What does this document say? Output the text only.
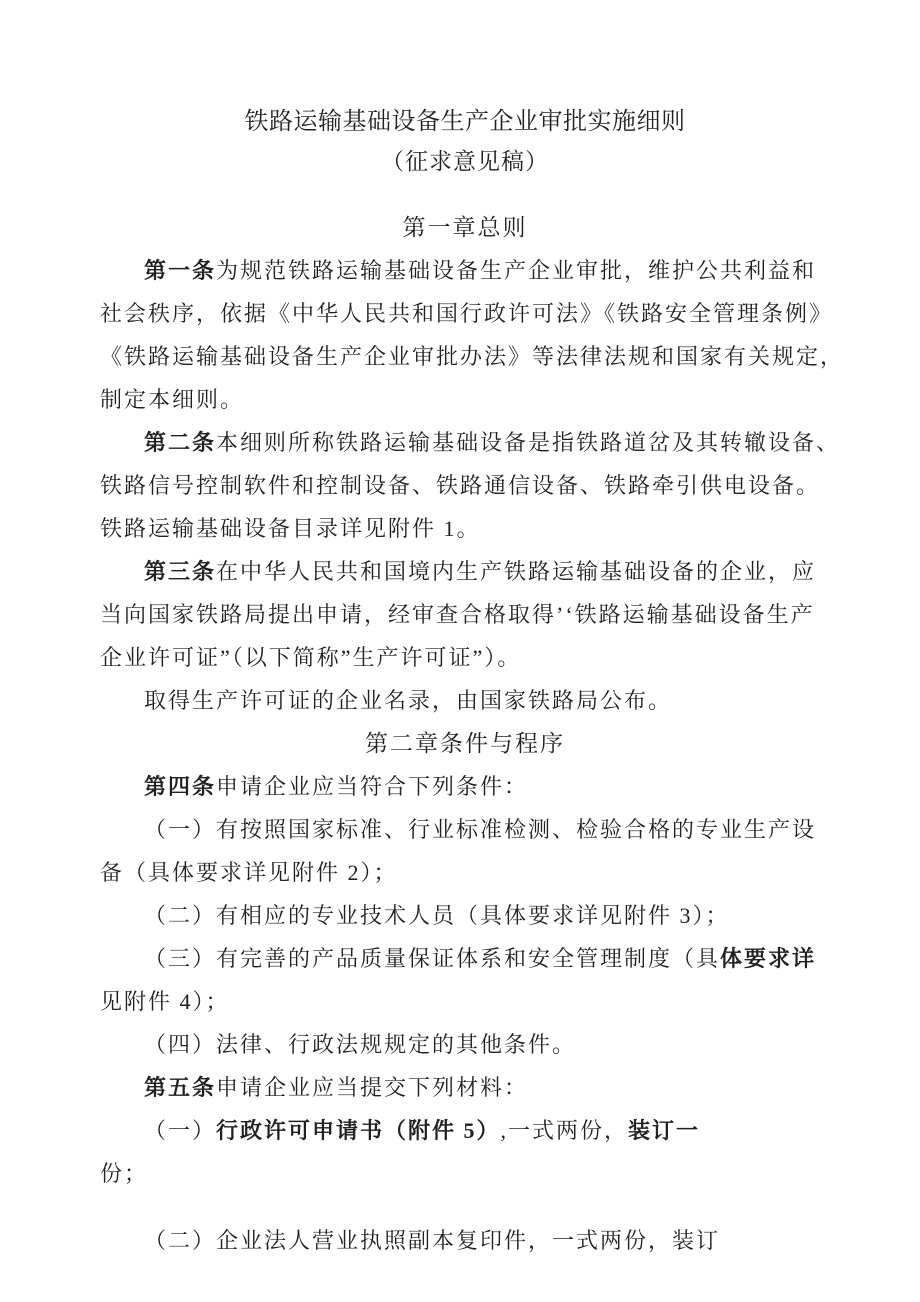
铁路运输基础设备生产企业审批实施细则
（征求意见稿）
第一章总则
第一条为规范铁路运输基础设备生产企业审批，维护公共利益和
社会秩序，依据《中华人民共和国行政许可法》《铁路安全管理条例》
《铁路运输基础设备生产企业审批办法》等法律法规和国家有关规定，
制定本细则。
第二条本细则所称铁路运输基础设备是指铁路道岔及其转辙设备、
铁路信号控制软件和控制设备、铁路通信设备、铁路牵引供电设备。
铁路运输基础设备目录详见附件 1。
第三条在中华人民共和国境内生产铁路运输基础设备的企业，应
当向国家铁路局提出申请，经审查合格取得’‘铁路运输基础设备生产
企业许可证”（以下简称”生产许可证”）。
取得生产许可证的企业名录，由国家铁路局公布。
第二章条件与程序
第四条申请企业应当符合下列条件：
（一）有按照国家标准、行业标准检测、检验合格的专业生产设
备（具体要求详见附件 2）；
（二）有相应的专业技术人员（具体要求详见附件 3）；
（三）有完善的产品质量保证体系和安全管理制度（具体要求详
见附件 4）；
（四）法律、行政法规规定的其他条件。
第五条申请企业应当提交下列材料：
（一）行政许可申请书（附件 5）,一式两份，装订一
份；
（二）企业法人营业执照副本复印件，一式两份，装订
